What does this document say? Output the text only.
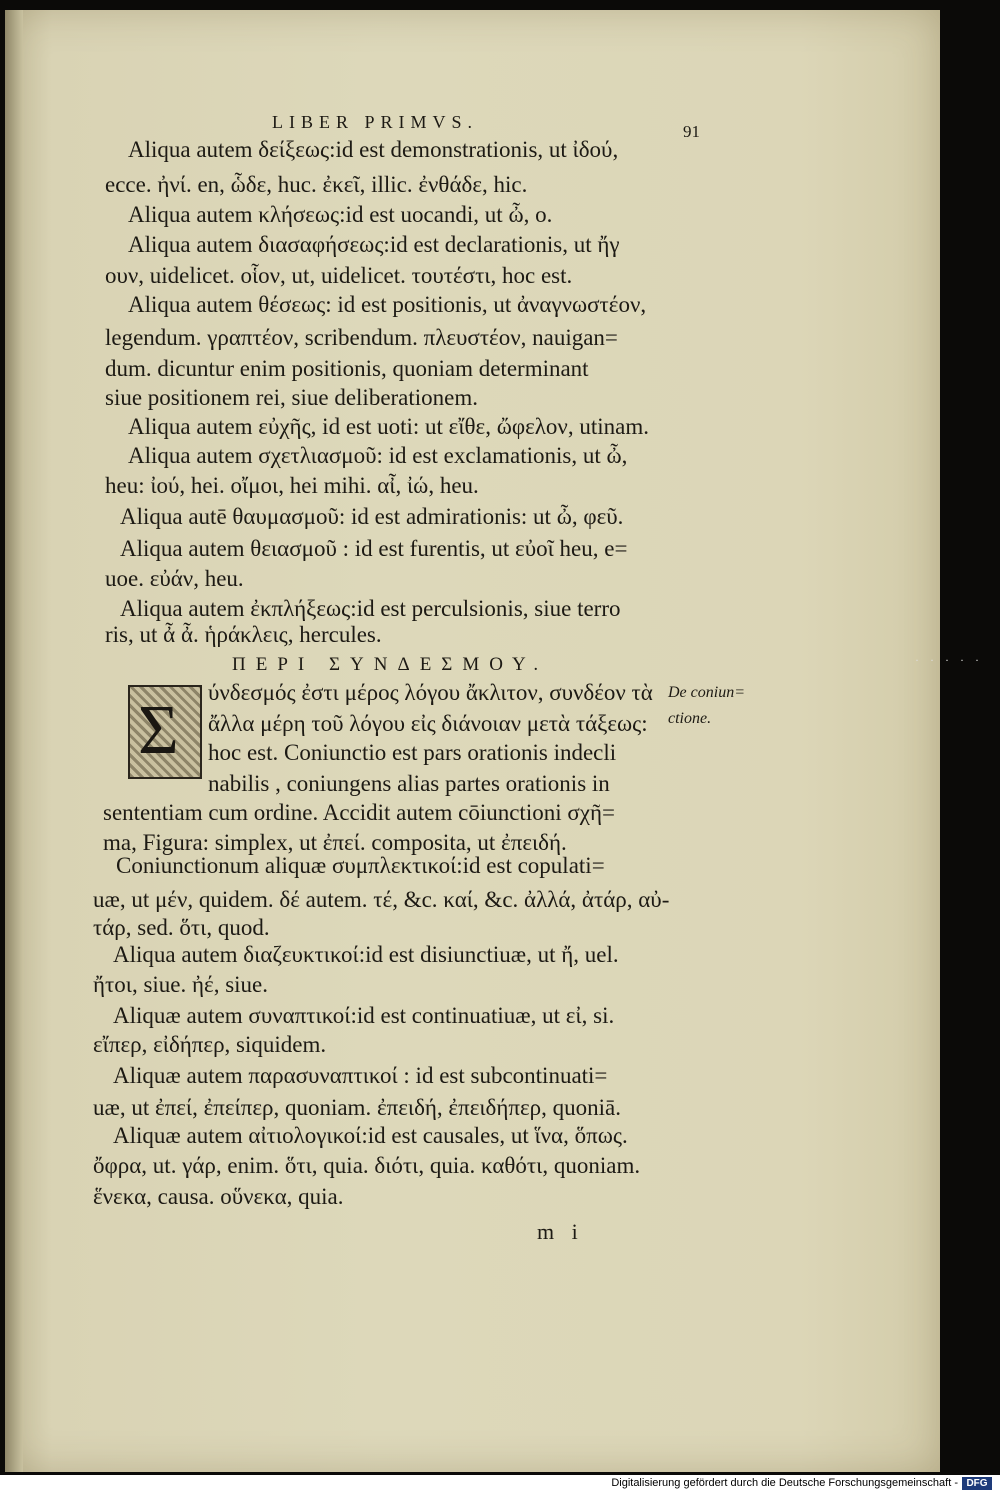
LIBER PRIMVS.	91
Aliqua autem δείξεως:id est demonstrationis, ut ἰδού,
ecce. ἠνί. en, ὧδε, huc. ἐκεῖ, illic. ἐνθάδε, hic.
Aliqua autem κλήσεως:id est uocandi, ut ὦ, o.
Aliqua autem διασαφήσεως:id est declarationis, ut ἤγ
ουν, uidelicet. οἷον, ut, uidelicet. τουτέστι, hoc est.
Aliqua autem θέσεως: id est positionis, ut ἀναγνωστέον,
legendum. γραπτέον, scribendum. πλευστέον, nauigan=
dum. dicuntur enim positionis, quoniam determinant
siue positionem rei, siue deliberationem.
Aliqua autem εὐχῆς, id est uoti: ut εἴθε, ὤφελον, utinam.
Aliqua autem σχετλιασμοῦ: id est exclamationis, ut ὦ,
heu: ἰού, hei. οἴμοι, hei mihi. αἶ, ἰώ, heu.
Aliqua autē θαυμασμοῦ: id est admirationis: ut ὦ, φεῦ.
Aliqua autem θειασμοῦ : id est furentis, ut εὐοῖ heu, e=
uoe. εὐάν, heu.
Aliqua autem ἐκπλήξεως:id est perculsionis, siue terro
ris, ut ἆ ἆ. ἡράκλεις, hercules.
ΠΕΡΙ ΣΥΝΔΕΣΜΟΥ.
Σ ύνδεσμός ἐστι μέρος λόγου ἄκλιτον, συνδέον τὰ
ἄλλα μέρη τοῦ λόγου εἰς διάνοιαν μετὰ τάξεως:
hoc est. Coniunctio est pars orationis indecli
nabilis , coniungens alias partes orationis in
sententiam cum ordine. Accidit autem cōiunctioni σχῆ=
ma, Figura: simplex, ut ἐπεί. composita, ut ἐπειδή.
Coniunctionum aliquæ συμπλεκτικοί:id est copulati=
uæ, ut μέν, quidem. δέ autem. τέ, &c. καί, &c. ἀλλά, ἀτάρ, αὐ-
τάρ, sed. ὅτι, quod.
Aliqua autem διαζευκτικοί:id est disiunctiuæ, ut ἤ, uel.
ἤτοι, siue. ἠέ, siue.
Aliquæ autem συναπτικοί:id est continuatiuæ, ut εἰ, si.
εἴπερ, εἰδήπερ, siquidem.
Aliquæ autem παρασυναπτικοί : id est subcontinuati=
uæ, ut ἐπεί, ἐπείπερ, quoniam. ἐπειδή, ἐπειδήπερ, quoniā.
Aliquæ autem αἰτιολογικοί:id est causales, ut ἵνα, ὅπως.
ὄφρα, ut. γάρ, enim. ὅτι, quia. διότι, quia. καθότι, quoniam.
ἕνεκα, causa. οὕνεκα, quia.
De coniun=
ctione.
m i
· · · · ·
Digitalisierung gefördert durch die Deutsche Forschungsgemeinschaft - DFG
